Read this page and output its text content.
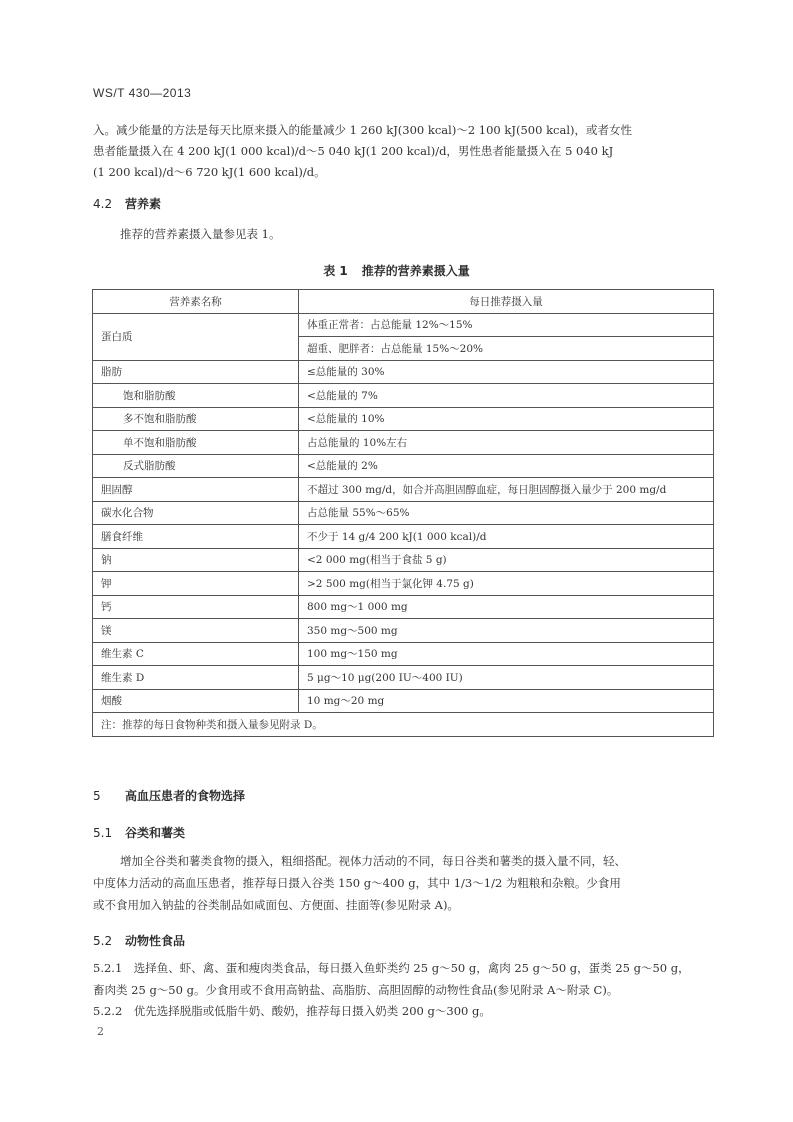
WS/T 430—2013
入。减少能量的方法是每天比原来摄入的能量减少 1 260 kJ(300 kcal)～2 100 kJ(500 kcal)，或者女性
患者能量摄入在 4 200 kJ(1 000 kcal)/d～5 040 kJ(1 200 kcal)/d，男性患者能量摄入在 5 040 kJ
(1 200 kcal)/d～6 720 kJ(1 600 kcal)/d。
4.2 营养素
推荐的营养素摄入量参见表 1。
表 1 推荐的营养素摄入量
营养素名称	每日推荐摄入量
蛋白质	体重正常者：占总能量 12%～15%
	超重、肥胖者：占总能量 15%～20%
脂肪	≤总能量的 30%
饱和脂肪酸	<总能量的 7%
多不饱和脂肪酸	<总能量的 10%
单不饱和脂肪酸	占总能量的 10%左右
反式脂肪酸	<总能量的 2%
胆固醇	不超过 300 mg/d，如合并高胆固醇血症，每日胆固醇摄入量少于 200 mg/d
碳水化合物	占总能量 55%～65%
膳食纤维	不少于 14 g/4 200 kJ(1 000 kcal)/d
钠	<2 000 mg(相当于食盐 5 g)
钾	>2 500 mg(相当于氯化钾 4.75 g)
钙	800 mg～1 000 mg
镁	350 mg～500 mg
维生素 C	100 mg～150 mg
维生素 D	5 μg～10 μg(200 IU～400 IU)
烟酸	10 mg～20 mg
注：推荐的每日食物种类和摄入量参见附录 D。	
5 高血压患者的食物选择
5.1 谷类和薯类
增加全谷类和薯类食物的摄入，粗细搭配。视体力活动的不同，每日谷类和薯类的摄入量不同，轻、
中度体力活动的高血压患者，推荐每日摄入谷类 150 g～400 g，其中 1/3～1/2 为粗粮和杂粮。少食用
或不食用加入钠盐的谷类制品如咸面包、方便面、挂面等(参见附录 A)。
5.2 动物性食品
5.2.1　选择鱼、虾、禽、蛋和瘦肉类食品，每日摄入鱼虾类约 25 g～50 g，禽肉 25 g～50 g，蛋类 25 g～50 g，
畜肉类 25 g～50 g。少食用或不食用高钠盐、高脂肪、高胆固醇的动物性食品(参见附录 A～附录 C)。
5.2.2　优先选择脱脂或低脂牛奶、酸奶，推荐每日摄入奶类 200 g～300 g。
2
